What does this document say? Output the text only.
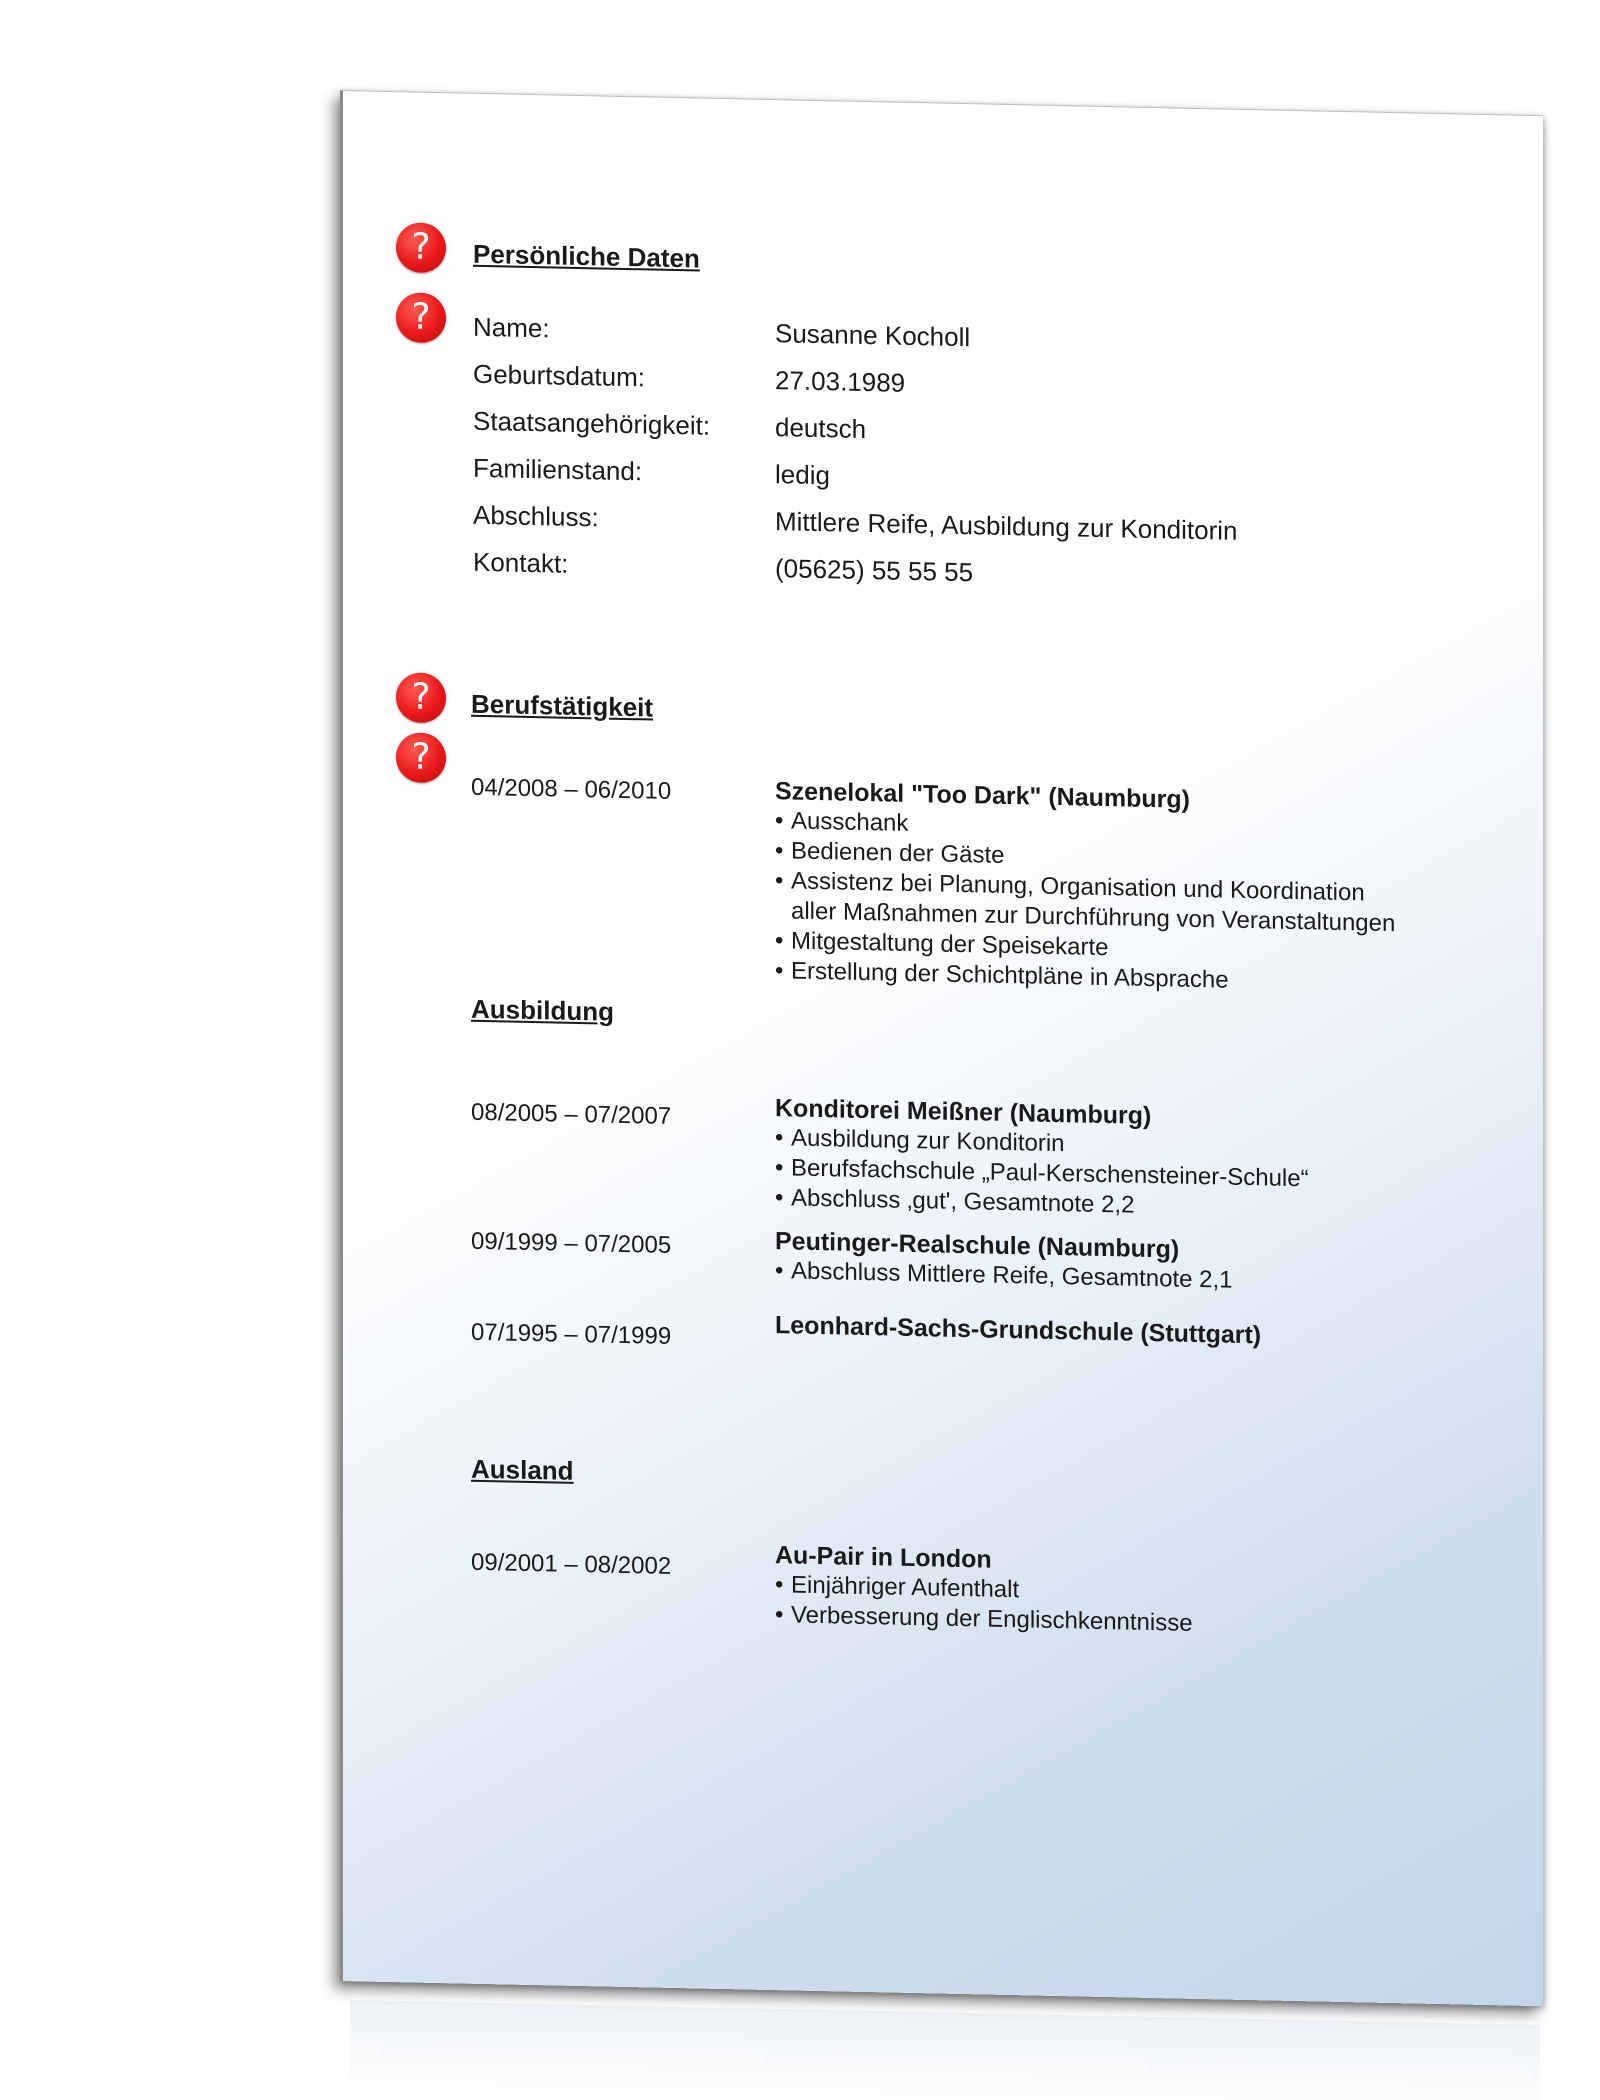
?
?
?
?
Persönliche Daten
Name:	Susanne Kocholl
Geburtsdatum:	27.03.1989
Staatsangehörigkeit: deutsch
Familienstand:	ledig
Abschluss:	Mittlere Reife, Ausbildung zur Konditorin
Kontakt:	(05625) 55 55 55
Berufstätigkeit
04/2008 – 06/2010	Szenelokal "Too Dark" (Naumburg)
• Ausschank
• Bedienen der Gäste
• Assistenz bei Planung, Organisation und Koordination
aller Maßnahmen zur Durchführung von Veranstaltungen
• Mitgestaltung der Speisekarte
• Erstellung der Schichtpläne in Absprache
Ausbildung
08/2005 – 07/2007	Konditorei Meißner (Naumburg)
• Ausbildung zur Konditorin
• Berufsfachschule „Paul-Kerschensteiner-Schule“
• Abschluss ‚gut', Gesamtnote 2,2
09/1999 – 07/2005	Peutinger-Realschule (Naumburg)
• Abschluss Mittlere Reife, Gesamtnote 2,1
07/1995 – 07/1999	Leonhard-Sachs-Grundschule (Stuttgart)
Ausland
09/2001 – 08/2002	Au-Pair in London
• Einjähriger Aufenthalt
• Verbesserung der Englischkenntnisse
